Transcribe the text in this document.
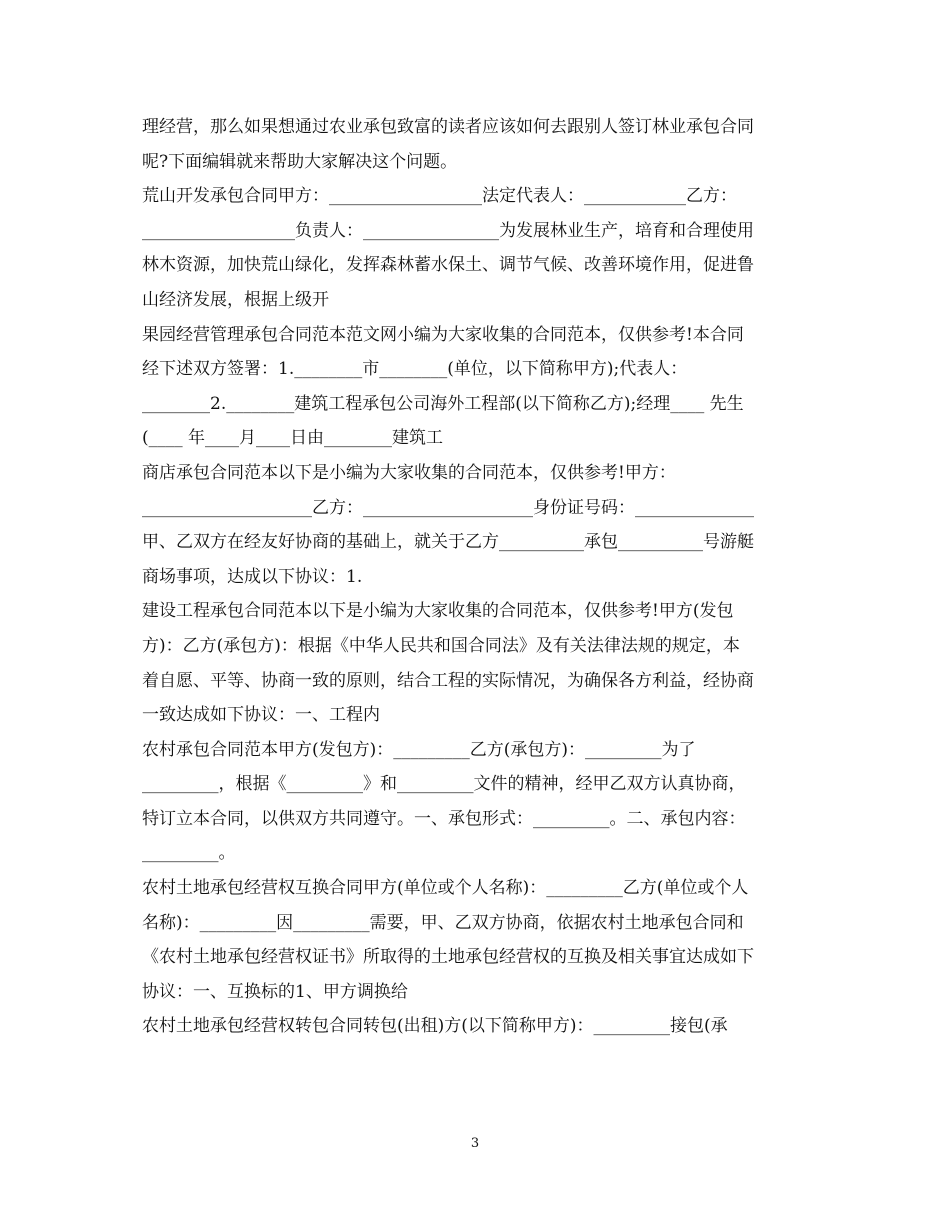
理经营，那么如果想通过农业承包致富的读者应该如何去跟别人签订林业承包合同
呢?下面编辑就来帮助大家解决这个问题。
荒山开发承包合同甲方：__________________法定代表人：____________乙方：
__________________负责人：________________为发展林业生产，培育和合理使用
林木资源，加快荒山绿化，发挥森林蓄水保土、调节气候、改善环境作用，促进鲁
山经济发展，根据上级开
果园经营管理承包合同范本范文网小编为大家收集的合同范本，仅供参考!本合同
经下述双方签署：1.________市________(单位，以下简称甲方);代表人：
________2.________建筑工程承包公司海外工程部(以下简称乙方);经理____ 先生
(____ 年____月____日由________建筑工
商店承包合同范本以下是小编为大家收集的合同范本，仅供参考!甲方：
____________________乙方：____________________身份证号码：______________
甲、乙双方在经友好协商的基础上，就关于乙方__________承包__________号游艇
商场事项，达成以下协议：1.
建设工程承包合同范本以下是小编为大家收集的合同范本，仅供参考!甲方(发包
方)：乙方(承包方)：根据《中华人民共和国合同法》及有关法律法规的规定，本
着自愿、平等、协商一致的原则，结合工程的实际情况，为确保各方利益，经协商
一致达成如下协议：一、工程内
农村承包合同范本甲方(发包方)：_________乙方(承包方)：_________为了
_________，根据《_________》和_________文件的精神，经甲乙双方认真协商，
特订立本合同，以供双方共同遵守。一、承包形式：_________。二、承包内容：
_________。
农村土地承包经营权互换合同甲方(单位或个人名称)：_________乙方(单位或个人
名称)：_________因_________需要，甲、乙双方协商，依据农村土地承包合同和
《农村土地承包经营权证书》所取得的土地承包经营权的互换及相关事宜达成如下
协议：一、互换标的1、甲方调换给
农村土地承包经营权转包合同转包(出租)方(以下简称甲方)：_________接包(承
3
